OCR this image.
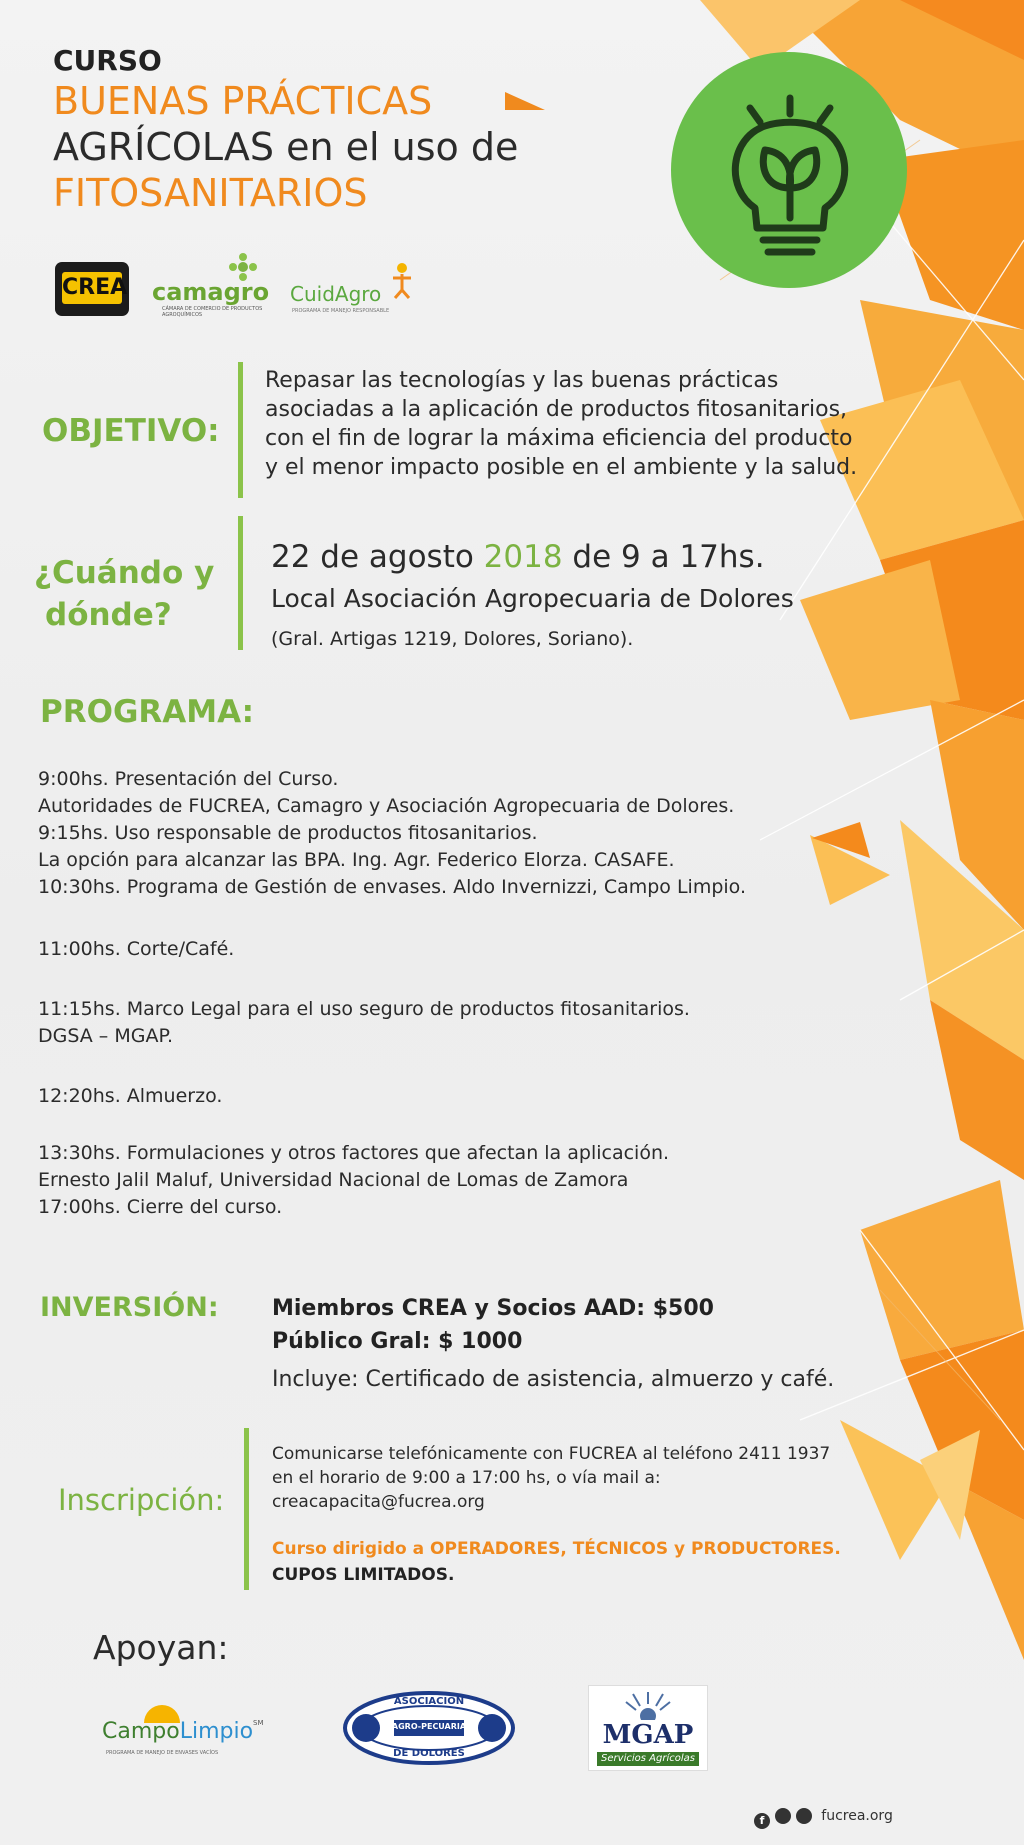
CURSO
BUENAS PRÁCTICAS
AGRÍCOLAS en el uso de
FITOSANITARIOS
CREA camagro
CÁMARA DE COMERCIO DE PRODUCTOS AGROQUÍMICOS
CuidAgro
PROGRAMA DE MANEJO RESPONSABLE
OBJETIVO:
Repasar las tecnologías y las buenas prácticas
asociadas a la aplicación de productos fitosanitarios,
con el fin de lograr la máxima eficiencia del producto
y el menor impacto posible en el ambiente y la salud.
¿Cuándo y
dónde?
22 de agosto 2018 de 9 a 17hs.
Local Asociación Agropecuaria de Dolores
(Gral. Artigas 1219, Dolores, Soriano).
PROGRAMA:
9:00hs. Presentación del Curso.
Autoridades de FUCREA, Camagro y Asociación Agropecuaria de Dolores.
9:15hs. Uso responsable de productos fitosanitarios.
La opción para alcanzar las BPA. Ing. Agr. Federico Elorza. CASAFE.
10:30hs. Programa de Gestión de envases. Aldo Invernizzi, Campo Limpio.
11:00hs. Corte/Café.
11:15hs. Marco Legal para el uso seguro de productos fitosanitarios.
DGSA – MGAP.
12:20hs. Almuerzo.
13:30hs. Formulaciones y otros factores que afectan la aplicación.
Ernesto Jalil Maluf, Universidad Nacional de Lomas de Zamora
17:00hs. Cierre del curso.
INVERSIÓN: Miembros CREA y Socios AAD: $500
Público Gral: $ 1000
Incluye: Certificado de asistencia, almuerzo y café.
Inscripción:
Comunicarse telefónicamente con FUCREA al teléfono 2411 1937
en el horario de 9:00 a 17:00 hs, o vía mail a:
creacapacita@fucrea.org
Curso dirigido a OPERADORES, TÉCNICOS y PRODUCTORES.
CUPOS LIMITADOS.
Apoyan:
CampoLimpio℠
PROGRAMA DE MANEJO DE ENVASES VACÍOS
ASOCIACIÓN
AGRO-PECUARIA
DE DOLORES
MGAP
Servicios Agrícolas
f	fucrea.org
